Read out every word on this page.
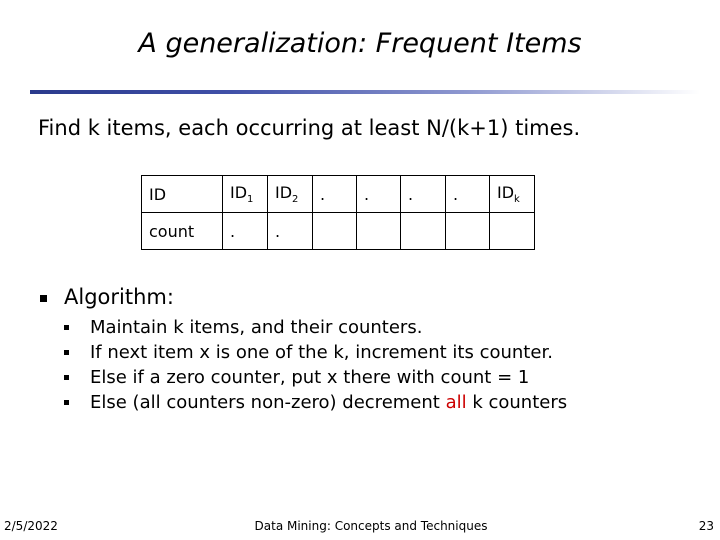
A generalization: Frequent Items
Find k items, each occurring at least N/(k+1) times.
ID	$ID_1$	$ID_2$	.	.	.	.	$ID_k$
count	.	.					
Algorithm:
Maintain k items, and their counters.
If next item x is one of the k, increment its counter.
Else if a zero counter, put x there with count = 1
Else (all counters non-zero) decrement all k counters
2/5/2022	Data Mining: Concepts and Techniques	23
